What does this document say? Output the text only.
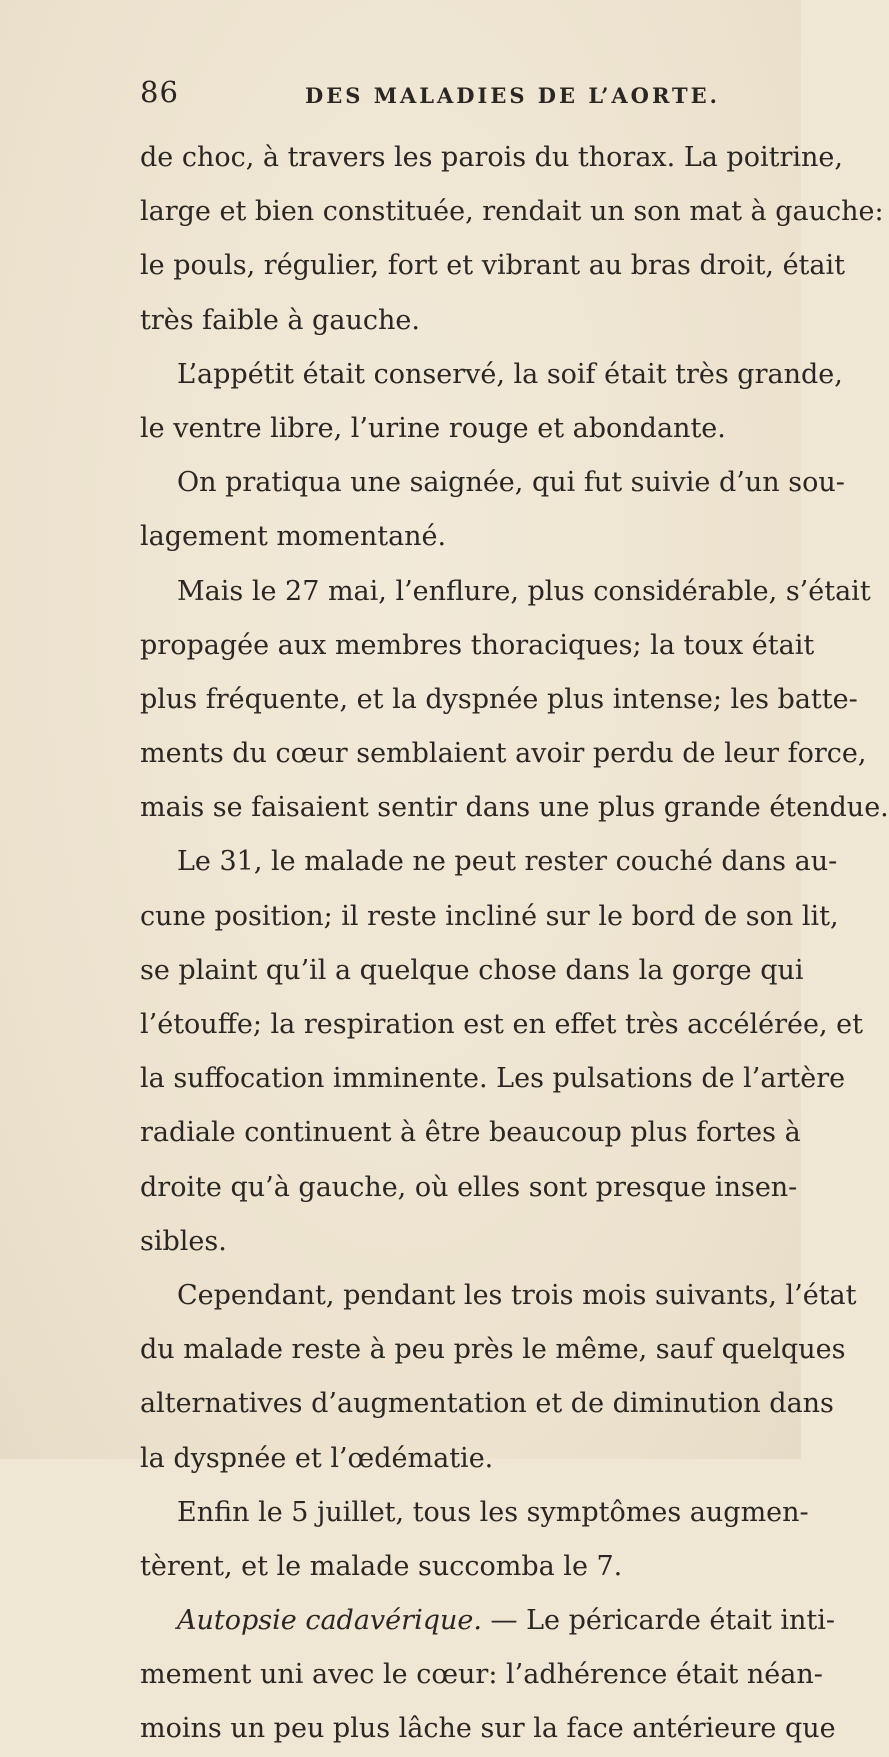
86	DES MALADIES DE L’AORTE.
de choc, à travers les parois du thorax. La poitrine,
large et bien constituée, rendait un son mat à gauche:
le pouls, régulier, fort et vibrant au bras droit, était
très faible à gauche.
L’appétit était conservé, la soif était très grande,
le ventre libre, l’urine rouge et abondante.
On pratiqua une saignée, qui fut suivie d’un sou-
lagement momentané.
Mais le 27 mai, l’enflure, plus considérable, s’était
propagée aux membres thoraciques; la toux était
plus fréquente, et la dyspnée plus intense; les batte-
ments du cœur semblaient avoir perdu de leur force,
mais se faisaient sentir dans une plus grande étendue.
Le 31, le malade ne peut rester couché dans au-
cune position; il reste incliné sur le bord de son lit,
se plaint qu’il a quelque chose dans la gorge qui
l’étouffe; la respiration est en effet très accélérée, et
la suffocation imminente. Les pulsations de l’artère
radiale continuent à être beaucoup plus fortes à
droite qu’à gauche, où elles sont presque insen-
sibles.
Cependant, pendant les trois mois suivants, l’état
du malade reste à peu près le même, sauf quelques
alternatives d’augmentation et de diminution dans
la dyspnée et l’œdématie.
Enfin le 5 juillet, tous les symptômes augmen-
tèrent, et le malade succomba le 7.
Autopsie cadavérique. — Le péricarde était inti-
mement uni avec le cœur: l’adhérence était néan-
moins un peu plus lâche sur la face antérieure que
